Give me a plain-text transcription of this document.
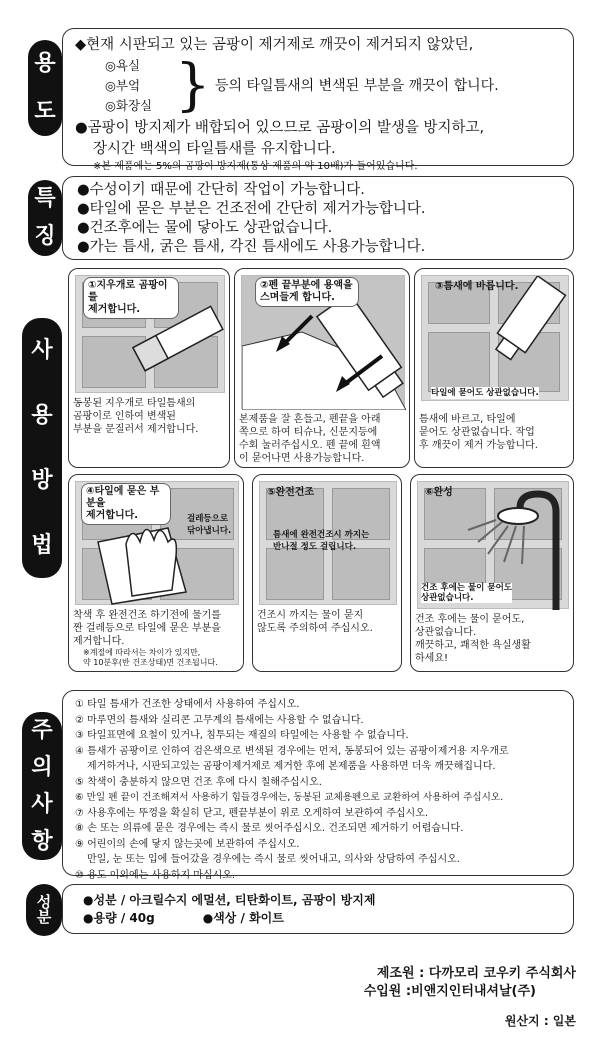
용
도
특
징
사
용
방
법
주
의
사
항
성
분
◆현재 시판되고 있는 곰팡이 제거제로 깨끗이 제거되지 않았던,
◎욕실
◎부엌
◎화장실 } 등의 타일틈새의 변색된 부분을 깨끗이 합니다.
●곰팡이 방지제가 배합되어 있으므로 곰팡이의 발생을 방지하고,
장시간 백색의 타일틈새를 유지합니다.
※본 제품에는 5%의 곰팡이 방지제(통상 제품의 약 10배)가 들어있습니다.
●수성이기 때문에 간단히 작업이 가능합니다.
●타일에 묻은 부분은 건조전에 간단히 제거가능합니다.
●건조후에는 물에 닿아도 상관없습니다.
●가는 틈새, 굵은 틈새, 각진 틈새에도 사용가능합니다.
①지우개로 곰팡이를
제거합니다.
동봉된 지우개로 타일틈새의
곰팡이로 인하여 변색된
부분을 문질러서 제거합니다.
②펜 끝부분에 용액을
스며들게 합니다.
본제품을 잘 흔들고, 펜끝을 아래
쪽으로 하여 티슈나, 신문지등에
수회 눌러주십시오. 펜 끝에 흰액
이 묻어나면 사용가능합니다.
③틈새에 바릅니다.
타일에 묻어도 상관없습니다.
틈새에 바르고, 타일에
묻어도 상관없습니다. 작업
후 깨끗이 제거 가능합니다.
④타일에 묻은 부분을
제거합니다.	걸레등으로
닦아냅니다.
착색 후 완전건조 하기전에 물기를
짠 걸레등으로 타일에 묻은 부분을
제거합니다.
※계절에 따라서는 차이가 있지만,
약 10분후(반 건조상태)면 건조됩니다.
⑤완전건조
틈새에 완전건조시 까지는
반나절 정도 걸립니다.
건조시 까지는 물이 묻지
않도록 주의하여 주십시오.
⑥완성
건조 후에는 물이 묻어도
상관없습니다.
건조 후에는 물이 묻어도,
상관없습니다.
깨끗하고, 쾌적한 욕실생활
하세요!
① 타일 틈새가 건조한 상태에서 사용하여 주십시오.
② 마루면의 틈새와 실리콘 고무계의 틈새에는 사용할 수 없습니다.
③ 타일표면에 요철이 있거나, 침투되는 재질의 타일에는 사용할 수 없습니다.
④ 틈새가 곰팡이로 인하여 검은색으로 변색된 경우에는 먼저, 동봉되어 있는 곰팡이제거용 지우개로
제거하거나, 시판되고있는 곰팡이제거제로 제거한 후에 본제품을 사용하면 더욱 깨끗해집니다.
⑤ 착색이 충분하지 않으면 건조 후에 다시 칠해주십시오.
⑥ 만일 펜 끝이 건조해져서 사용하기 힘들경우에는, 동봉된 교체용펜으로 교환하여 사용하여 주십시오.
⑦ 사용후에는 뚜껑을 확실히 닫고, 펜끝부분이 위로 오게하여 보관하여 주십시오.
⑧ 손 또는 의류에 묻은 경우에는 즉시 물로 씻어주십시오. 건조되면 제거하기 어렵습니다.
⑨ 어린이의 손에 닿지 않는곳에 보관하여 주십시오.
만일, 눈 또는 입에 들어갔을 경우에는 즉시 물로 씻어내고, 의사와 상담하여 주십시오.
⑩ 용도 이외에는 사용하지 마십시오.
●성분 / 아크릴수지 에멀션, 티탄화이트, 곰팡이 방지제
●용량 / 40g	●색상 / 화이트
제조원 : 다까모리 코우키 주식회사
수입원 :비앤지인터내셔날(주)
원산지 : 일본
